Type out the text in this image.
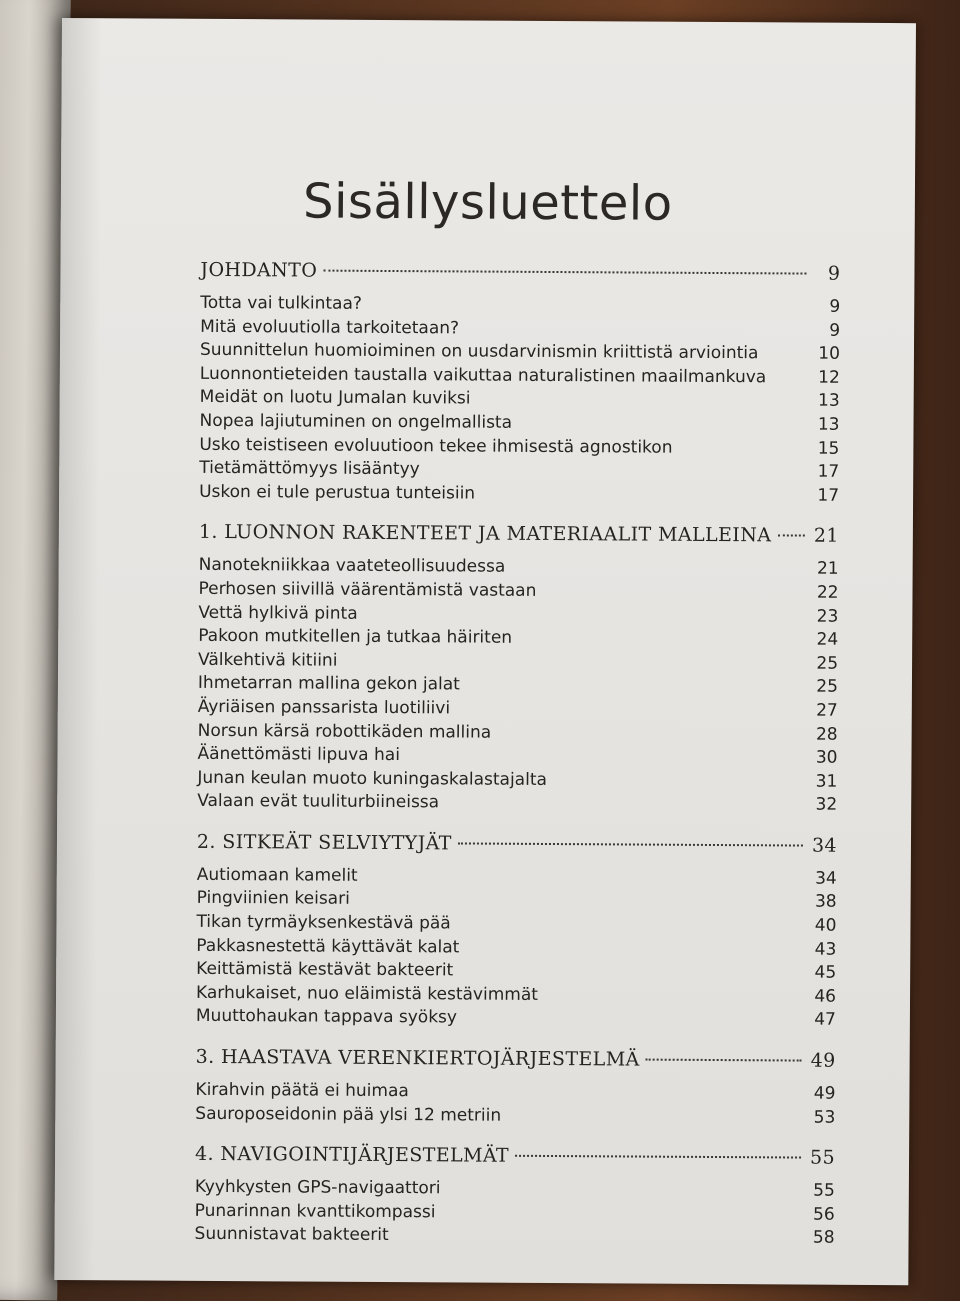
Sisällysluettelo
JOHDANTO	9
Totta vai tulkintaa?	9
Mitä evoluutiolla tarkoitetaan?	9
Suunnittelun huomioiminen on uusdarvinismin kriittistä arviointia	10
Luonnontieteiden taustalla vaikuttaa naturalistinen maailmankuva	12
Meidät on luotu Jumalan kuviksi	13
Nopea lajiutuminen on ongelmallista	13
Usko teistiseen evoluutioon tekee ihmisestä agnostikon	15
Tietämättömyys lisääntyy	17
Uskon ei tule perustua tunteisiin	17
1. LUONNON RAKENTEET JA MATERIAALIT MALLEINA 21
Nanotekniikkaa vaateteollisuudessa	21
Perhosen siivillä väärentämistä vastaan	22
Vettä hylkivä pinta	23
Pakoon mutkitellen ja tutkaa häiriten	24
Välkehtivä kitiini	25
Ihmetarran mallina gekon jalat	25
Äyriäisen panssarista luotiliivi	27
Norsun kärsä robottikäden mallina	28
Äänettömästi lipuva hai	30
Junan keulan muoto kuningaskalastajalta	31
Valaan evät tuuliturbiineissa	32
2. SITKEÄT SELVIYTYJÄT	34
Autiomaan kamelit	34
Pingviinien keisari	38
Tikan tyrmäyksenkestävä pää	40
Pakkasnestettä käyttävät kalat	43
Keittämistä kestävät bakteerit	45
Karhukaiset, nuo eläimistä kestävimmät	46
Muuttohaukan tappava syöksy	47
3. HAASTAVA VERENKIERTOJÄRJESTELMÄ	49
Kirahvin päätä ei huimaa	49
Sauroposeidonin pää ylsi 12 metriin	53
4. NAVIGOINTIJÄRJESTELMÄT	55
Kyyhkysten GPS-navigaattori	55
Punarinnan kvanttikompassi	56
Suunnistavat bakteerit	58
